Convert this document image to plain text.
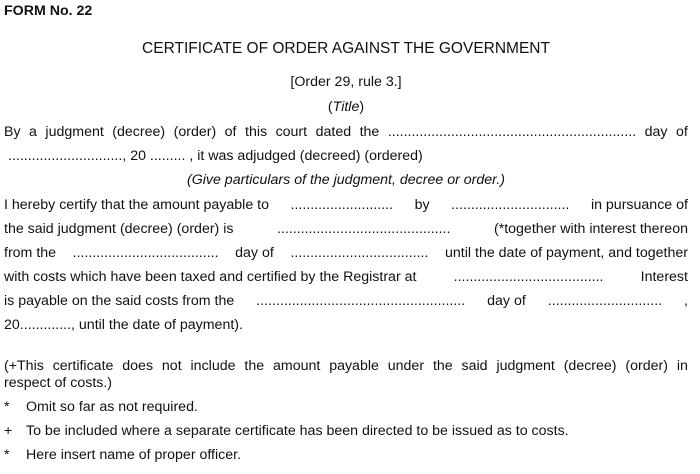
FORM No. 22
CERTIFICATE OF ORDER AGAINST THE GOVERNMENT
[Order 29, rule 3.]
(Title)
By a judgment (decree) (order) of this court dated the ............................................................... day of
............................., 20 ......... , it was adjudged (decreed) (ordered)
(Give particulars of the judgment, decree or order.)
I hereby certify that the amount payable to .......................... by .............................. in pursuance of
the said judgment (decree) (order) is	............................................	(*together with interest thereon
from the ..................................... day of ................................... until the date of payment, and together
with costs which have been taxed and certified by the Registrar at	......................................	Interest
is payable on the said costs from the ..................................................... day of ............................. ,
20............., until the date of payment).
(+This certificate does not include the amount payable under the said judgment (decree) (order) in
respect of costs.)
* Omit so far as not required.
+ To be included where a separate certificate has been directed to be issued as to costs.
* Here insert name of proper officer.
